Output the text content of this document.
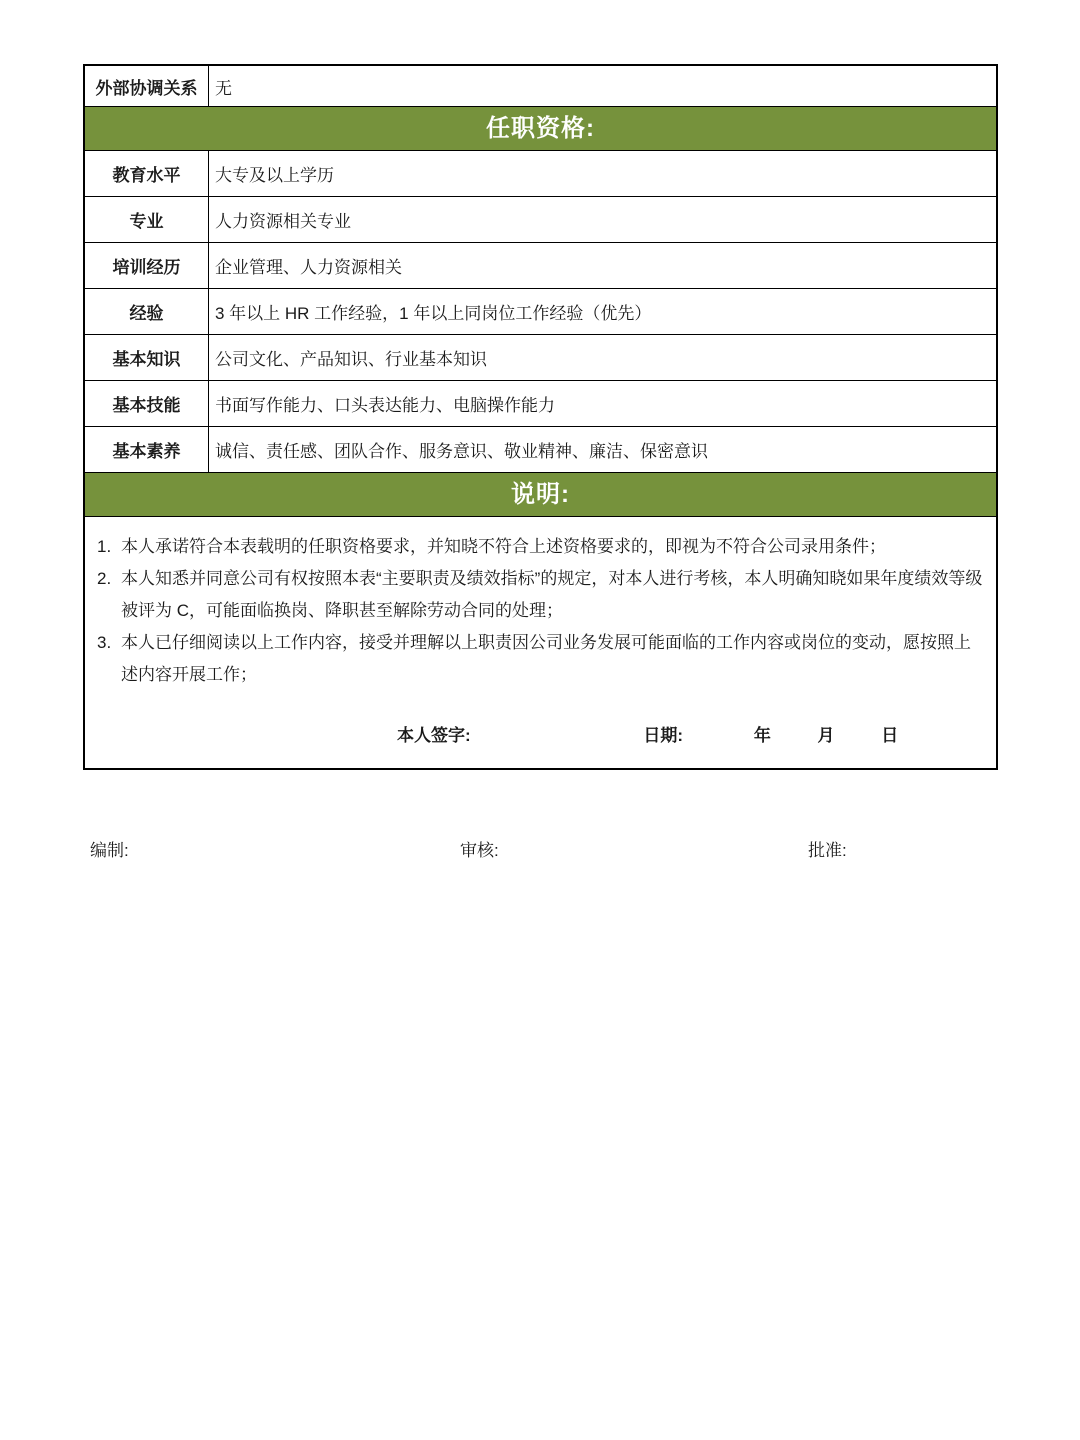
外部协调关系	无
任职资格:
教育水平	大专及以上学历
专业	人力资源相关专业
培训经历	企业管理、人力资源相关
经验	3 年以上 HR 工作经验，1 年以上同岗位工作经验（优先）
基本知识	公司文化、产品知识、行业基本知识
基本技能	书面写作能力、口头表达能力、电脑操作能力
基本素养	诚信、责任感、团队合作、服务意识、敬业精神、廉洁、保密意识
说明:
1. 本人承诺符合本表载明的任职资格要求，并知晓不符合上述资格要求的，即视为不符合公司录用条件；
2. 本人知悉并同意公司有权按照本表“主要职责及绩效指标”的规定，对本人进行考核，本人明确知晓如果年度绩效等级被评为 C，可能面临换岗、降职甚至解除劳动合同的处理；
3. 本人已仔细阅读以上工作内容，接受并理解以上职责因公司业务发展可能面临的工作内容或岗位的变动，愿按照上述内容开展工作；
本人签字:	日期:	年	月	日
编制:	审核:	批准:
